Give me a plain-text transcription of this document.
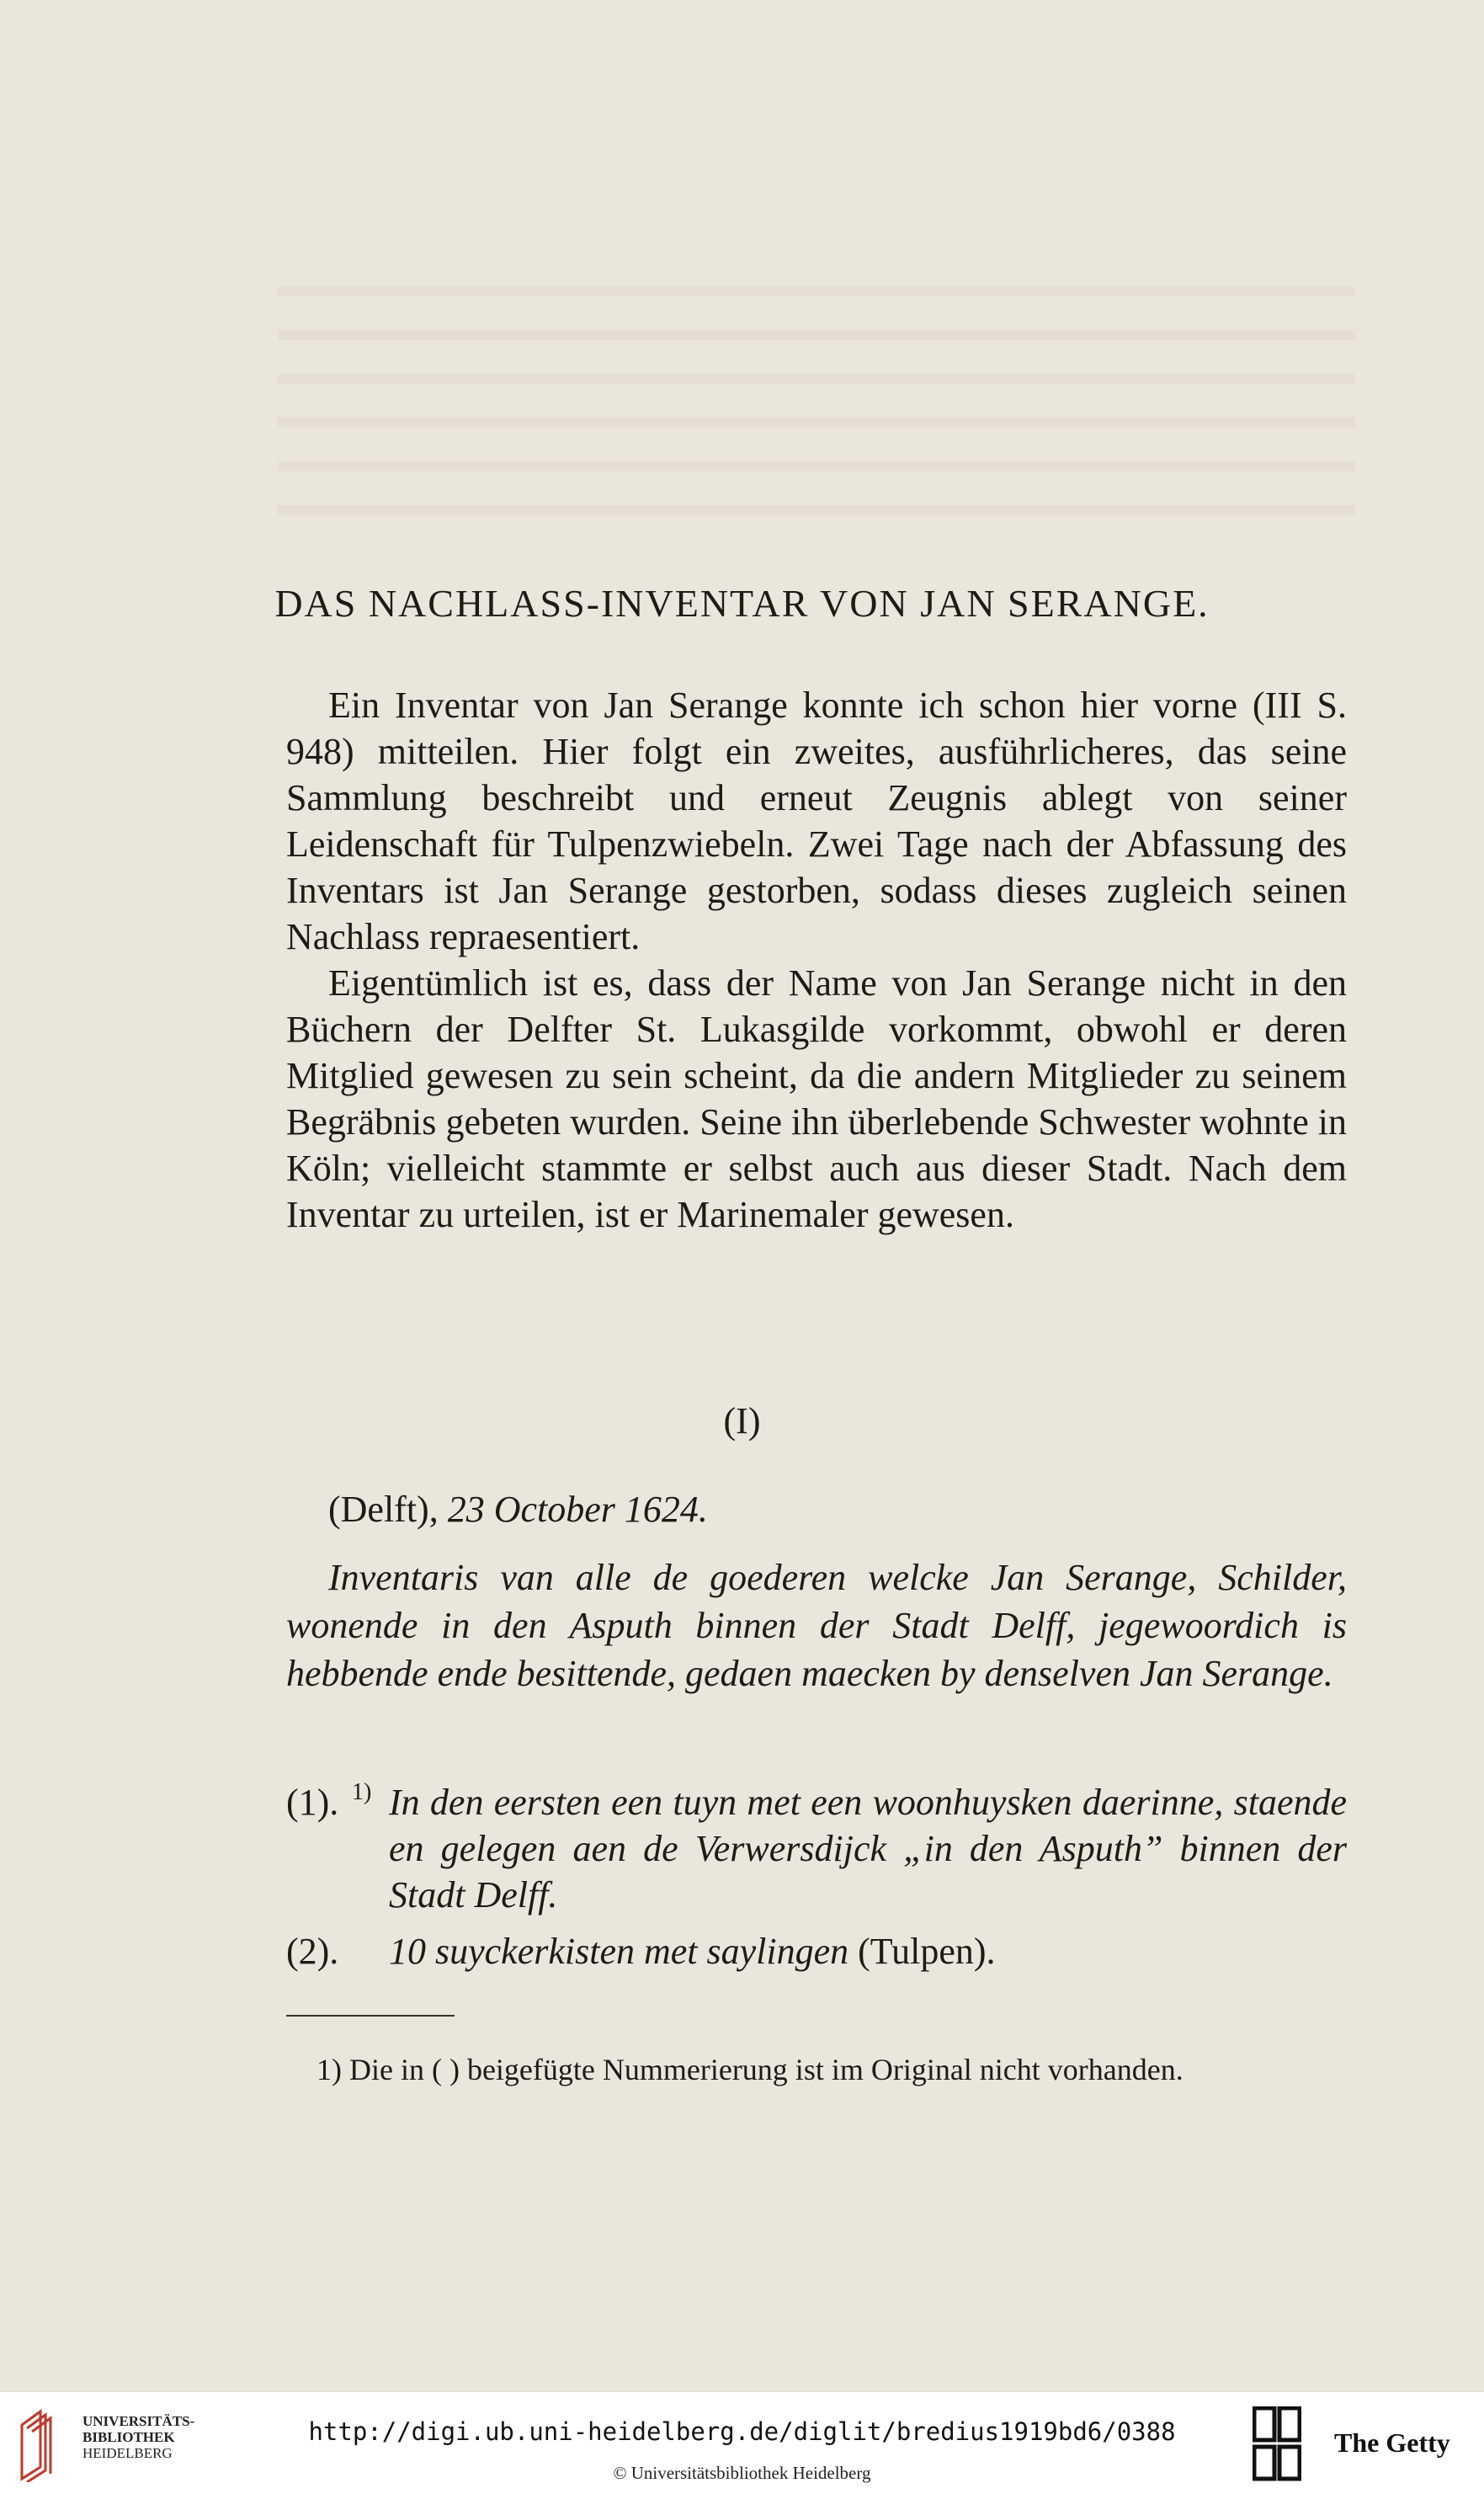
DAS NACHLASS-INVENTAR VON JAN SERANGE.

Ein Inventar von Jan Serange konnte ich schon hier vorne (III S. 948) mitteilen. Hier folgt ein zweites, ausführlicheres, das seine Sammlung beschreibt und erneut Zeugnis ablegt von seiner Leidenschaft für Tulpenzwiebeln. Zwei Tage nach der Abfassung des Inventars ist Jan Serange gestorben, sodass dieses zugleich seinen Nachlass repraesentiert.

Eigentümlich ist es, dass der Name von Jan Serange nicht in den Büchern der Delfter St. Lukasgilde vorkommt, obwohl er deren Mitglied gewesen zu sein scheint, da die andern Mitglieder zu seinem Begräbnis gebeten wurden. Seine ihn überlebende Schwester wohnte in Köln; vielleicht stammte er selbst auch aus dieser Stadt. Nach dem Inventar zu urteilen, ist er Marinemaler gewesen.

(I)
(Delft), 23 October 1624.

Inventaris van alle de goederen welcke Jan Serange, Schilder, wonende in den Asputh binnen der Stadt Delff, jegewoordich is hebbende ende besittende, gedaen maecken by denselven Jan Serange.

(1). 1) In den eersten een tuyn met een woonhuysken daerinne, staende en gelegen aen de Verwersdijck „in den Asputh” binnen der Stadt Delff.
(2). 10 suyckerkisten met saylingen (Tulpen).
1) Die in ( ) beigefügte Nummerierung ist im Original nicht vorhanden.
UNIVERSITÄTS-
BIBLIOTHEK
HEIDELBERG
http://digi.ub.uni-heidelberg.de/diglit/bredius1919bd6/0388
© Universitätsbibliothek Heidelberg
The Getty
